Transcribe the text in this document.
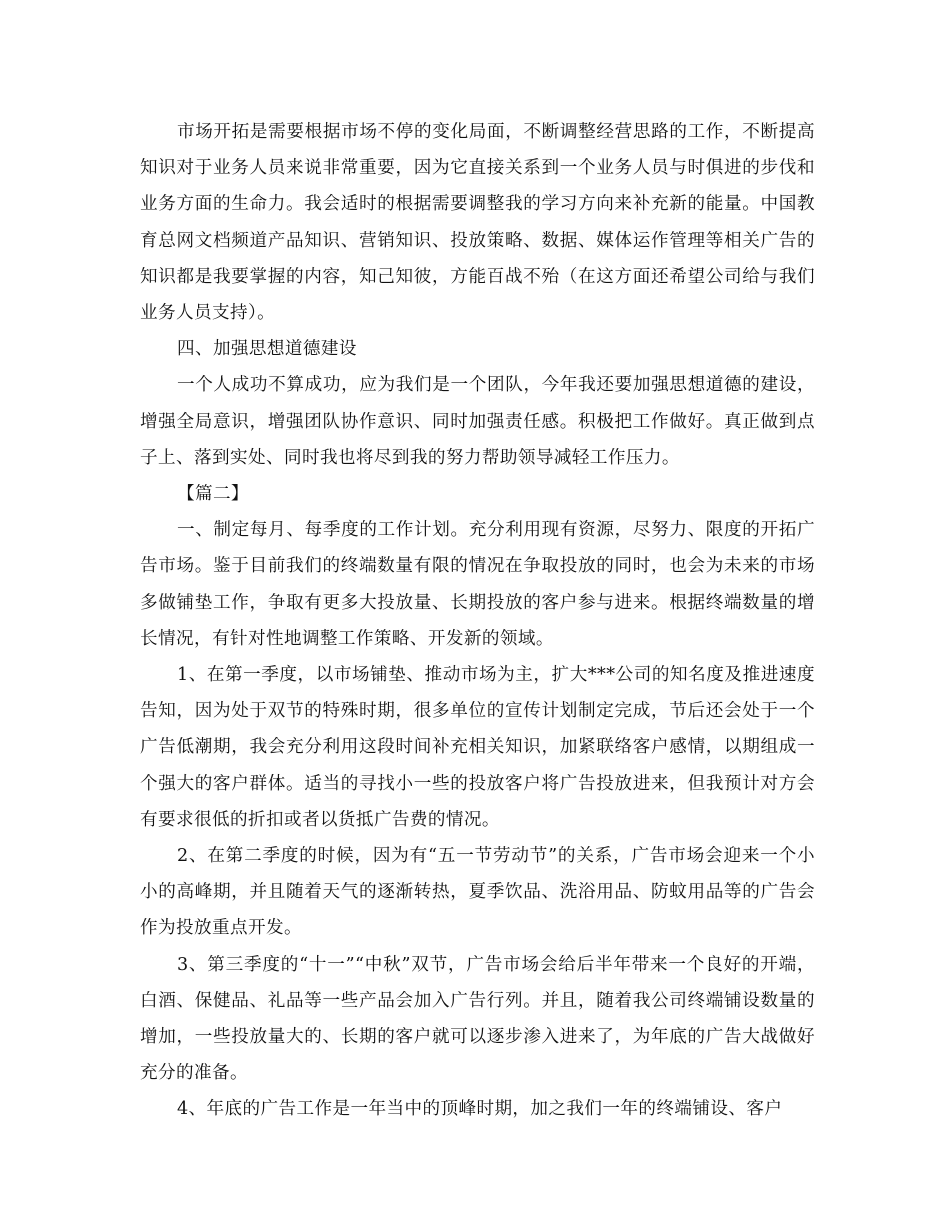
市场开拓是需要根据市场不停的变化局面，不断调整经营思路的工作，不断提高知识对于业务人员来说非常重要，因为它直接关系到一个业务人员与时俱进的步伐和业务方面的生命力。我会适时的根据需要调整我的学习方向来补充新的能量。中国教育总网文档频道产品知识、营销知识、投放策略、数据、媒体运作管理等相关广告的知识都是我要掌握的内容，知己知彼，方能百战不殆（在这方面还希望公司给与我们业务人员支持）。

四、加强思想道德建设

一个人成功不算成功，应为我们是一个团队，今年我还要加强思想道德的建设，增强全局意识，增强团队协作意识、同时加强责任感。积极把工作做好。真正做到点子上、落到实处、同时我也将尽到我的努力帮助领导减轻工作压力。

【篇二】

一、制定每月、每季度的工作计划。充分利用现有资源，尽努力、限度的开拓广告市场。鉴于目前我们的终端数量有限的情况在争取投放的同时，也会为未来的市场多做铺垫工作，争取有更多大投放量、长期投放的客户参与进来。根据终端数量的增长情况，有针对性地调整工作策略、开发新的领域。

1、在第一季度，以市场铺垫、推动市场为主，扩大***公司的知名度及推进速度告知，因为处于双节的特殊时期，很多单位的宣传计划制定完成，节后还会处于一个广告低潮期，我会充分利用这段时间补充相关知识，加紧联络客户感情，以期组成一个强大的客户群体。适当的寻找小一些的投放客户将广告投放进来，但我预计对方会有要求很低的折扣或者以货抵广告费的情况。

2、在第二季度的时候，因为有“五一节劳动节”的关系，广告市场会迎来一个小小的高峰期，并且随着天气的逐渐转热，夏季饮品、洗浴用品、防蚊用品等的广告会作为投放重点开发。

3、第三季度的“十一”“中秋”双节，广告市场会给后半年带来一个良好的开端，白酒、保健品、礼品等一些产品会加入广告行列。并且，随着我公司终端铺设数量的增加，一些投放量大的、长期的客户就可以逐步渗入进来了，为年底的广告大战做好充分的准备。

4、年底的广告工作是一年当中的顶峰时期，加之我们一年的终端铺设、客户
